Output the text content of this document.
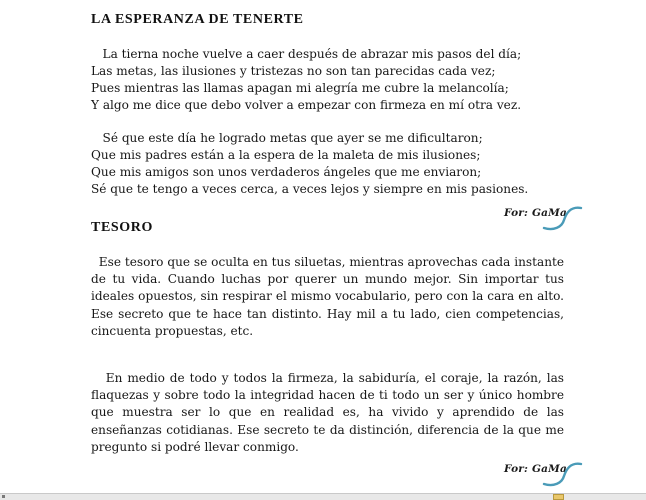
LA ESPERANZA DE TENERTE
La tierna noche vuelve a caer después de abrazar mis pasos del día;
Las metas, las ilusiones y tristezas no son tan parecidas cada vez;
Pues mientras las llamas apagan mi alegría me cubre la melancolía;
Y algo me dice que debo volver a empezar con firmeza en mí otra vez.
Sé que este día he logrado metas que ayer se me dificultaron;
Que mis padres están a la espera de la maleta de mis ilusiones;
Que mis amigos son unos verdaderos ángeles que me enviaron;
Sé que te tengo a veces cerca, a veces lejos y siempre en mis pasiones.
For: GaMa
TESORO

Ese tesoro que se oculta en tus siluetas, mientras aprovechas cada instante de tu vida. Cuando luchas por querer un mundo mejor. Sin importar tus ideales opuestos, sin respirar el mismo vocabulario, pero con la cara en alto. Ese secreto que te hace tan distinto. Hay mil a tu lado, cien competencias, cincuenta propuestas, etc.

En medio de todo y todos la firmeza, la sabiduría, el coraje, la razón, las flaquezas y sobre todo la integridad hacen de ti todo un ser y único hombre que muestra ser lo que en realidad es, ha vivido y aprendido de las enseñanzas cotidianas. Ese secreto te da distinción, diferencia de la que me pregunto si podré llevar conmigo.

For: GaMa
